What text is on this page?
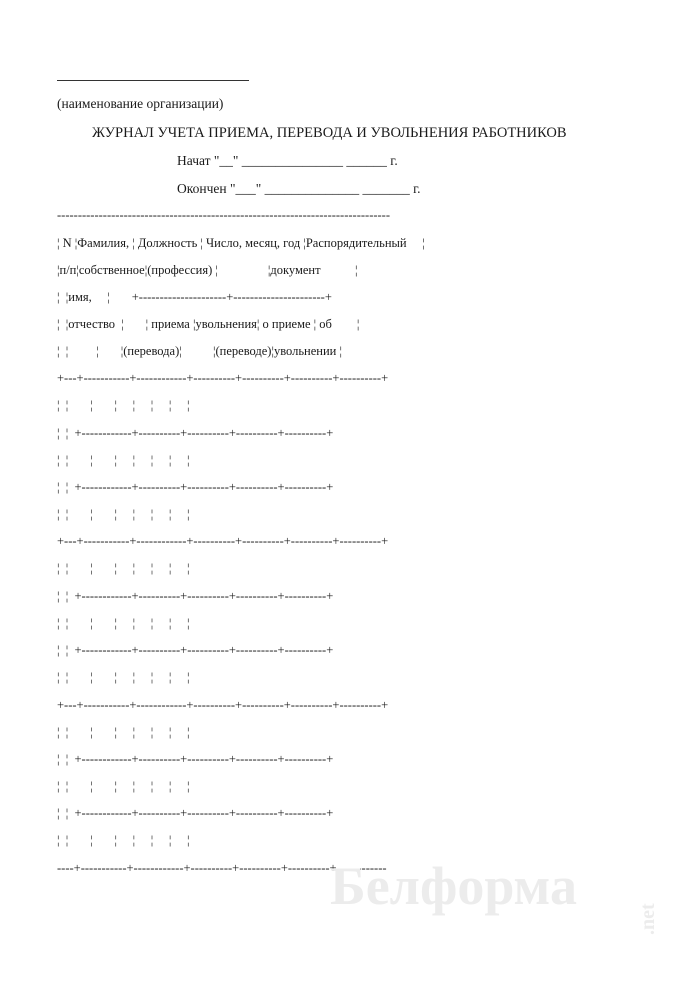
(наименование организации)
ЖУРНАЛ УЧЕТА ПРИЕМА, ПЕРЕВОДА И УВОЛЬНЕНИЯ РАБОТНИКОВ
Начат "__" _______________ ______ г.
Окончен "___" ______________ _______ г.
--------------------------------------------------------------------------------
¦ N ¦Фамилия, ¦ Должность ¦ Число, месяц, год ¦Распорядительный     ¦
¦п/п¦собственное¦(профессия) ¦                ¦документ           ¦
¦  ¦имя,     ¦       +---------------------+----------------------+
¦  ¦отчество  ¦       ¦ приема ¦увольнения¦ о приеме ¦ об        ¦
¦  ¦         ¦       ¦(перевода)¦          ¦(переводе)¦увольнении ¦
+---+-----------+------------+----------+----------+----------+----------+
¦  ¦       ¦       ¦     ¦     ¦     ¦     ¦
¦  ¦  +------------+----------+----------+----------+----------+
¦  ¦       ¦       ¦     ¦     ¦     ¦     ¦
¦  ¦  +------------+----------+----------+----------+----------+
¦  ¦       ¦       ¦     ¦     ¦     ¦     ¦
+---+-----------+------------+----------+----------+----------+----------+
¦  ¦       ¦       ¦     ¦     ¦     ¦     ¦
¦  ¦  +------------+----------+----------+----------+----------+
¦  ¦       ¦       ¦     ¦     ¦     ¦     ¦
¦  ¦  +------------+----------+----------+----------+----------+
¦  ¦       ¦       ¦     ¦     ¦     ¦     ¦
+---+-----------+------------+----------+----------+----------+----------+
¦  ¦       ¦       ¦     ¦     ¦     ¦     ¦
¦  ¦  +------------+----------+----------+----------+----------+
¦  ¦       ¦       ¦     ¦     ¦     ¦     ¦
¦  ¦  +------------+----------+----------+----------+----------+
¦  ¦       ¦       ¦     ¦     ¦     ¦     ¦
----+-----------+------------+----------+----------+----------+------------
Белформа
.net
